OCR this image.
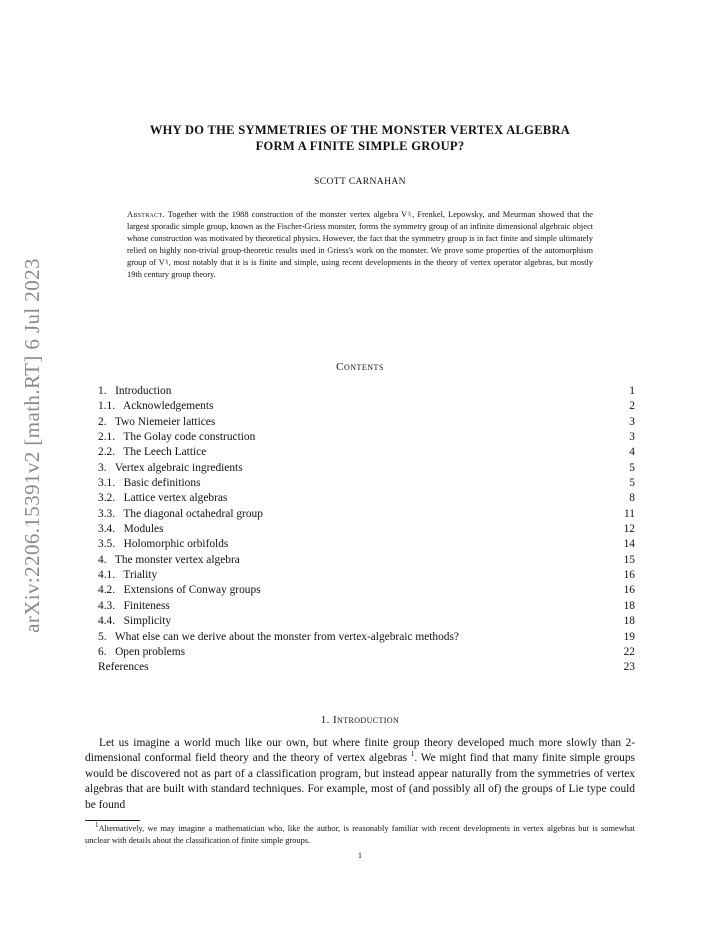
arXiv:2206.15391v2 [math.RT] 6 Jul 2023
WHY DO THE SYMMETRIES OF THE MONSTER VERTEX ALGEBRA
FORM A FINITE SIMPLE GROUP?
SCOTT CARNAHAN
Abstract. Together with the 1988 construction of the monster vertex algebra V♮, Frenkel, Lepowsky, and Meurman showed that the largest sporadic simple group, known as the Fischer-Griess monster, forms the symmetry group of an infinite dimensional algebraic object whose construction was motivated by theoretical physics. However, the fact that the symmetry group is in fact finite and simple ultimately relied on highly non-trivial group-theoretic results used in Griess's work on the monster. We prove some properties of the automorphism group of V♮, most notably that it is is finite and simple, using recent developments in the theory of vertex operator algebras, but mostly 19th century group theory.
Contents
1.   Introduction	1
1.1.   Acknowledgements	2
2.   Two Niemeier lattices	3
2.1.   The Golay code construction	3
2.2.   The Leech Lattice	4
3.   Vertex algebraic ingredients	5
3.1.   Basic definitions	5
3.2.   Lattice vertex algebras	8
3.3.   The diagonal octahedral group	11
3.4.   Modules	12
3.5.   Holomorphic orbifolds	14
4.   The monster vertex algebra	15
4.1.   Triality	16
4.2.   Extensions of Conway groups	16
4.3.   Finiteness	18
4.4.   Simplicity	18
5.   What else can we derive about the monster from vertex-algebraic methods?	19
6.   Open problems	22
References	23
1. Introduction

Let us imagine a world much like our own, but where finite group theory developed much more slowly than 2-dimensional conformal field theory and the theory of vertex algebras $^1$. We might find that many finite simple groups would be discovered not as part of a classification program, but instead appear naturally from the symmetries of vertex algebras that are built with standard techniques. For example, most of (and possibly all of) the groups of Lie type could be found

$^1$Alternatively, we may imagine a mathematician who, like the author, is reasonably familiar with recent developments in vertex algebras but is somewhat unclear with details about the classification of finite simple groups.

1
